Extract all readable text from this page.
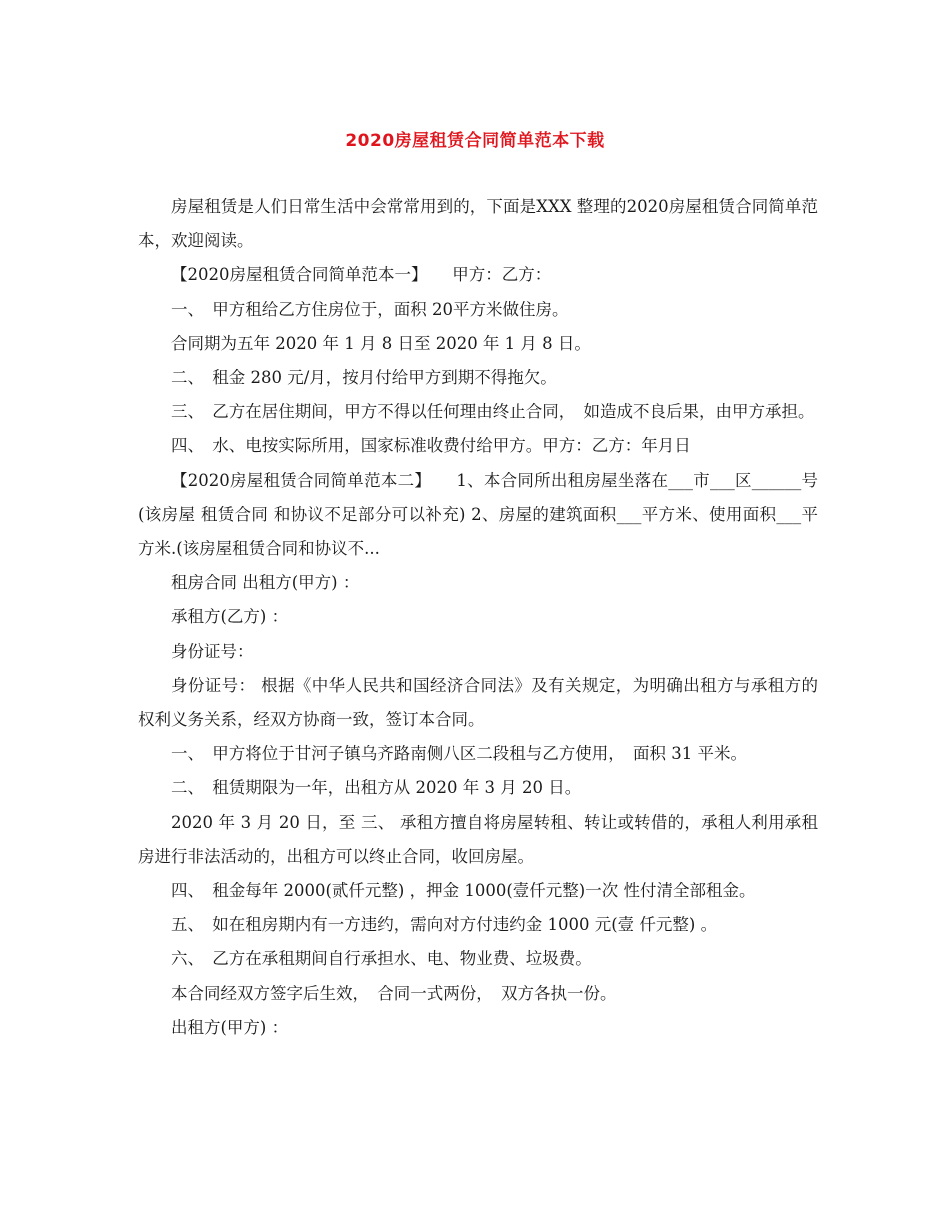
2020房屋租赁合同简单范本下载

房屋租赁是人们日常生活中会常常用到的，下面是XXX 整理的2020房屋租赁合同简单范本，欢迎阅读。

【2020房屋租赁合同简单范本一】　　甲方：乙方：

一、　甲方租给乙方住房位于，面积 20平方米做住房。

合同期为五年 2020 年 1 月 8 日至 2020 年 1 月 8 日。

二、　租金 280 元/月，按月付给甲方到期不得拖欠。

三、　乙方在居住期间，甲方不得以任何理由终止合同，　如造成不良后果，由甲方承担。

四、　水、电按实际所用，国家标准收费付给甲方。甲方：乙方：年月日

【2020房屋租赁合同简单范本二】　　1、本合同所出租房屋坐落在___市___区______号(该房屋 租赁合同 和协议不足部分可以补充) 2、房屋的建筑面积___平方米、使用面积___平方米.(该房屋租赁合同和协议不...

租房合同 出租方(甲方) ：

承租方(乙方) ：

身份证号：

身份证号： 根据《中华人民共和国经济合同法》及有关规定，为明确出租方与承租方的权利义务关系，经双方协商一致，签订本合同。

一、　甲方将位于甘河子镇乌齐路南侧八区二段租与乙方使用，　面积 31 平米。

二、　租赁期限为一年，出租方从 2020 年 3 月 20 日。

2020 年 3 月 20 日，至 三、 承租方擅自将房屋转租、转让或转借的，承租人利用承租 房进行非法活动的，出租方可以终止合同，收回房屋。

四、　租金每年 2000(贰仟元整) ，押金 1000(壹仟元整)一次 性付清全部租金。

五、　如在租房期内有一方违约，需向对方付违约金 1000 元(壹 仟元整) 。

六、　乙方在承租期间自行承担水、电、物业费、垃圾费。

本合同经双方签字后生效，　合同一式两份，　双方各执一份。

出租方(甲方) ：
